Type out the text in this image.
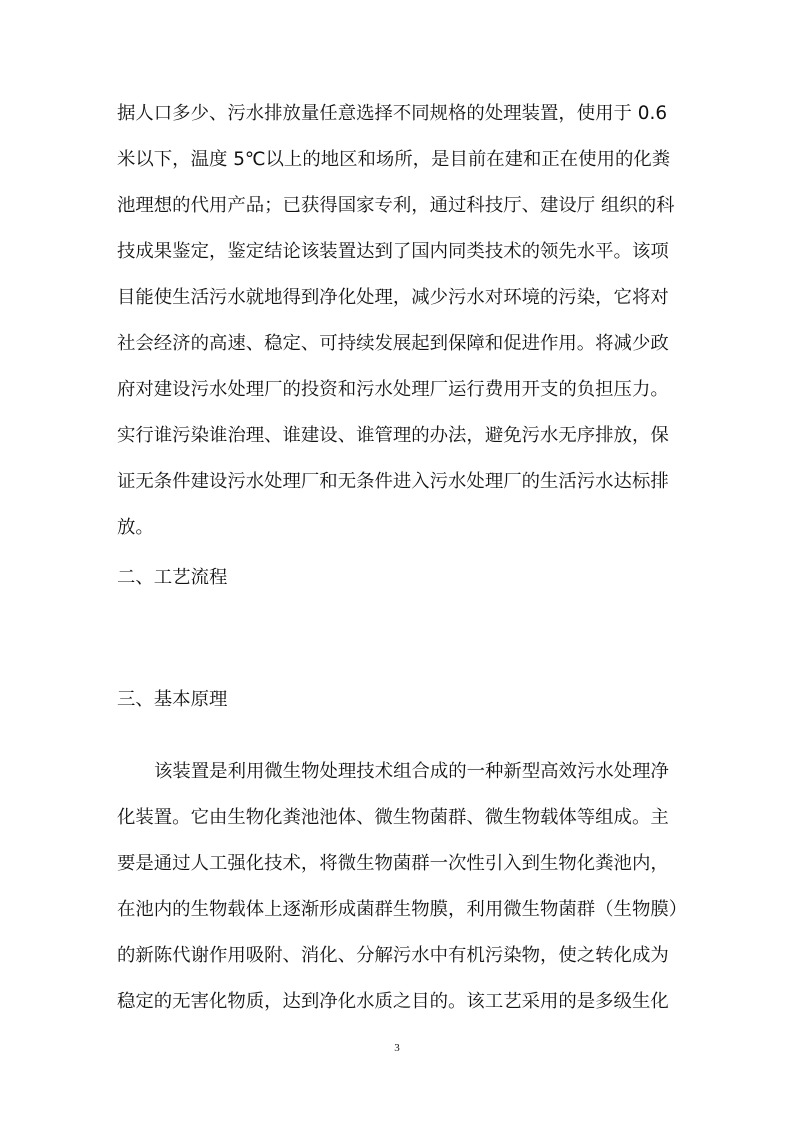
据人口多少、污水排放量任意选择不同规格的处理装置，使用于 0.6
米以下，温度 5℃以上的地区和场所，是目前在建和正在使用的化粪
池理想的代用产品；已获得国家专利，通过科技厅、建设厅 组织的科
技成果鉴定，鉴定结论该装置达到了国内同类技术的领先水平。该项
目能使生活污水就地得到净化处理，减少污水对环境的污染，它将对
社会经济的高速、稳定、可持续发展起到保障和促进作用。将减少政
府对建设污水处理厂的投资和污水处理厂运行费用开支的负担压力。
实行谁污染谁治理、谁建设、谁管理的办法，避免污水无序排放，保
证无条件建设污水处理厂和无条件进入污水处理厂的生活污水达标排
放。
二、工艺流程
三、基本原理
该装置是利用微生物处理技术组合成的一种新型高效污水处理净
化装置。它由生物化粪池池体、微生物菌群、微生物载体等组成。主
要是通过人工强化技术，将微生物菌群一次性引入到生物化粪池内，
在池内的生物载体上逐渐形成菌群生物膜，利用微生物菌群（生物膜）
的新陈代谢作用吸附、消化、分解污水中有机污染物，使之转化成为
稳定的无害化物质，达到净化水质之目的。该工艺采用的是多级生化
3
